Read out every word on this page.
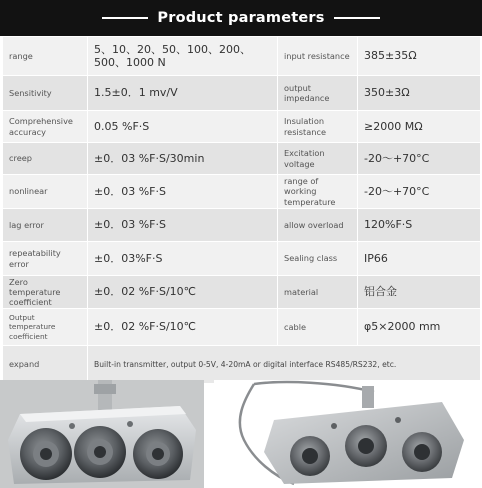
Product parameters
range	5、10、20、50、100、200、500、1000 N	input resistance	385±35Ω
Sensitivity	1.5±0．1 mv/V	output impedance	350±3Ω
Comprehensive accuracy	0.05 %F·S	Insulation resistance	≥2000 MΩ
creep	±0．03 %F·S/30min	Excitation voltage	-20～+70°C
nonlinear	±0．03 %F·S	range of working temperature	-20～+70°C
lag error	±0．03 %F·S	allow overload	120%F·S
repeatability error	±0．03%F·S	Sealing class	IP66
Zero temperature coefficient	±0．02 %F·S/10℃	material	铝合金
Output temperature coefficient	±0．02 %F·S/10℃	cable	φ5×2000 mm
expand	Built-in transmitter, output 0-5V, 4-20mA or digital interface RS485/RS232, etc.		
